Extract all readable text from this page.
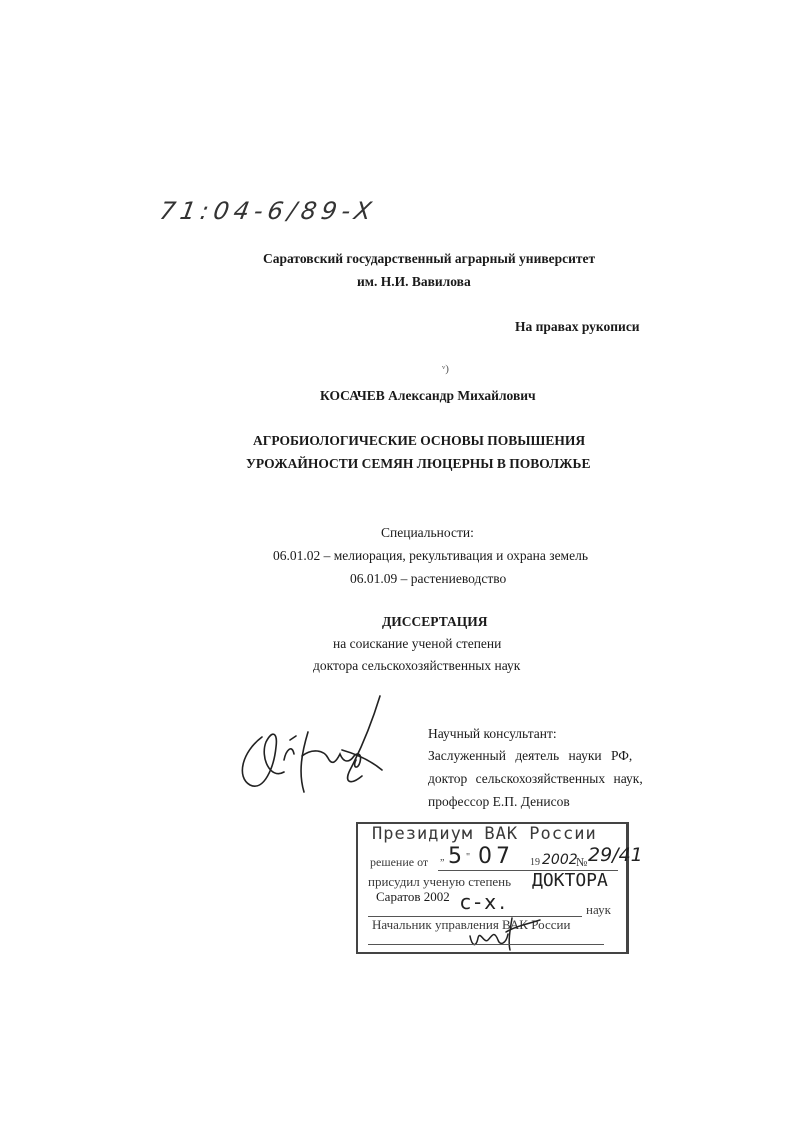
71:04-6/89-X
Саратовский государственный аграрный университет
им. Н.И. Вавилова
На правах рукописи
ᵛ)
КОСАЧЕВ Александр Михайлович
АГРОБИОЛОГИЧЕСКИЕ ОСНОВЫ ПОВЫШЕНИЯ
УРОЖАЙНОСТИ СЕМЯН ЛЮЦЕРНЫ В ПОВОЛЖЬЕ
Специальности:
06.01.02 – мелиорация, рекультивация и охрана земель
06.01.09 – растениеводство
ДИССЕРТАЦИЯ
на соискание ученой степени
доктора сельскохозяйственных наук
Научный консультант:
Заслуженный деятель науки РФ,
доктор сельскохозяйственных наук,
профессор Е.П. Денисов
Президиум ВАК России
решение от 5
„ " 07 19 2002
№ 29/41
присудил ученую степень ДОКТОРА
Саратов 2002 с-х.	наук
Начальник управления ВАК России
